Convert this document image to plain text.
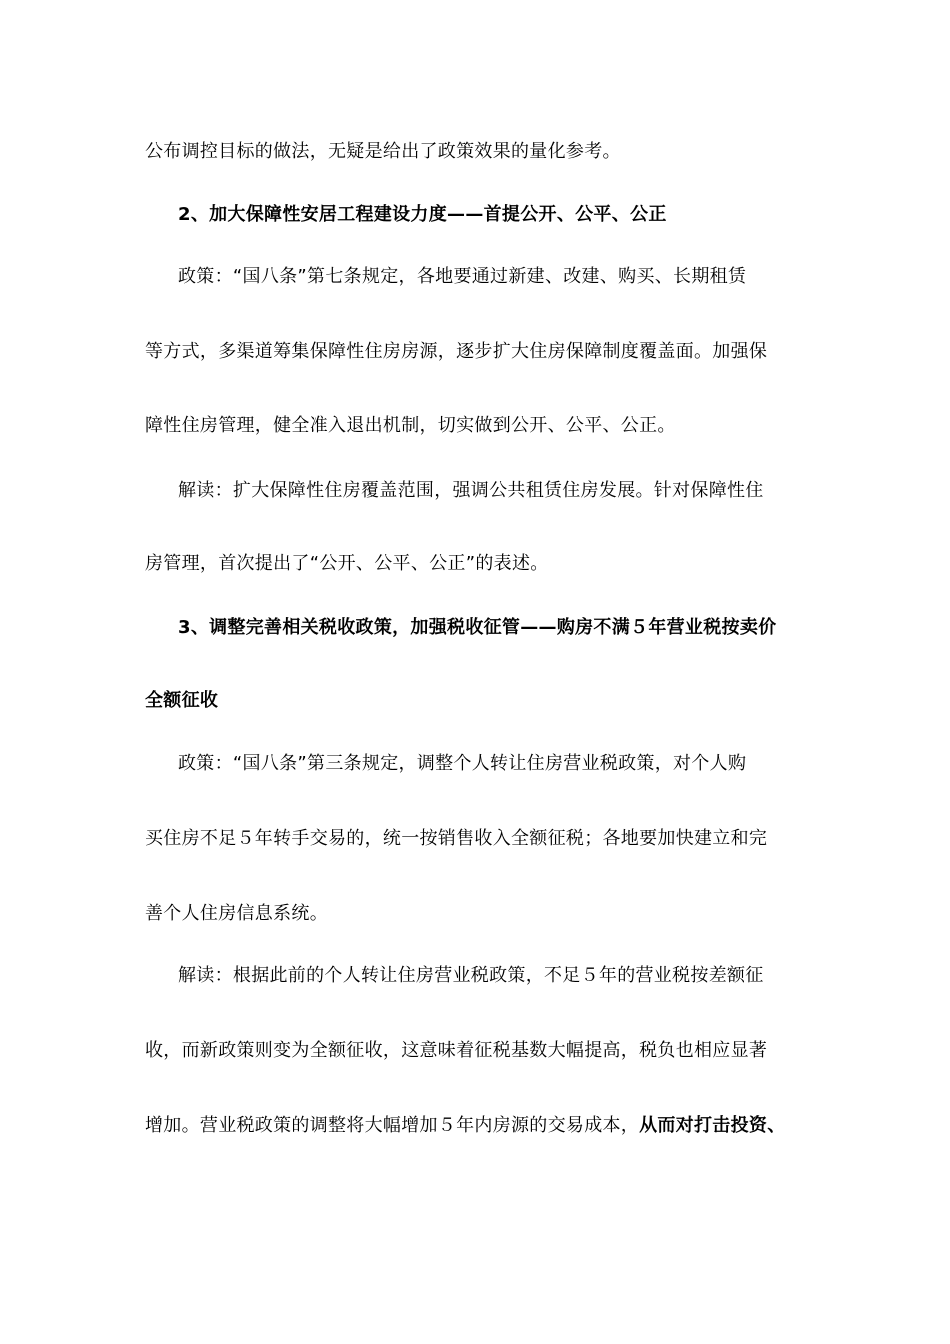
公布调控目标的做法，无疑是给出了政策效果的量化参考。
2、加大保障性安居工程建设力度——首提公开、公平、公正
政策：“国八条”第七条规定，各地要通过新建、改建、购买、长期租赁
等方式，多渠道筹集保障性住房房源，逐步扩大住房保障制度覆盖面。加强保
障性住房管理，健全准入退出机制，切实做到公开、公平、公正。
解读：扩大保障性住房覆盖范围，强调公共租赁住房发展。针对保障性住
房管理，首次提出了“公开、公平、公正”的表述。
3、调整完善相关税收政策，加强税收征管——购房不满５年营业税按卖价
全额征收
政策：“国八条”第三条规定，调整个人转让住房营业税政策，对个人购
买住房不足５年转手交易的，统一按销售收入全额征税；各地要加快建立和完
善个人住房信息系统。
解读：根据此前的个人转让住房营业税政策，不足５年的营业税按差额征
收，而新政策则变为全额征收，这意味着征税基数大幅提高，税负也相应显著
增加。营业税政策的调整将大幅增加５年内房源的交易成本，从而对打击投资、
